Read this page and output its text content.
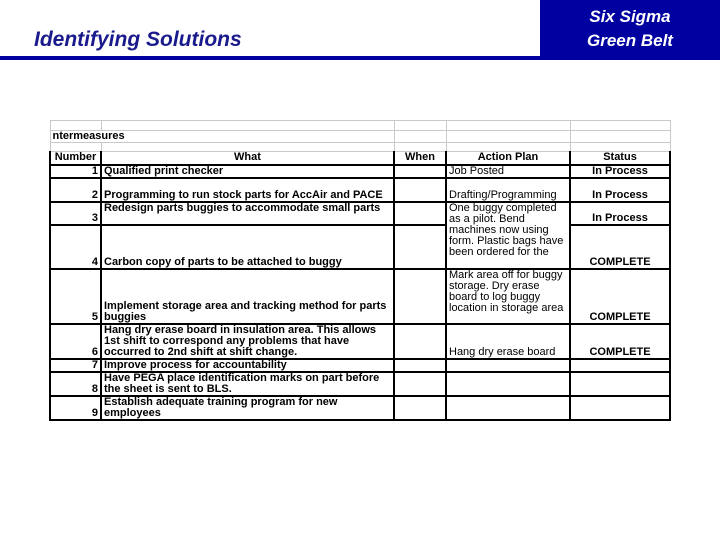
Identifying Solutions
Six Sigma
Green Belt

ntermeasures				

Number	What	When	Action Plan	Status
1	Qualified print checker		Job Posted	In Process
2	Programming to run stock parts for AccAir and PACE		Drafting/Programming	In Process
3	Redesign parts buggies to accommodate small parts		One buggy completed as a pilot. Bend machines now using form. Plastic bags have been ordered for the	In Process
4	Carbon copy of parts to be attached to buggy			COMPLETE
5	Implement storage area and tracking method for parts buggies		Mark area off for buggy storage. Dry erase board to log buggy location in storage area	COMPLETE
6	Hang dry erase board in insulation area. This allows 1st shift to correspond any problems that have occurred to 2nd shift at shift change.		Hang dry erase board	COMPLETE
7	Improve process for accountability			
8	Have PEGA place identification marks on part before the sheet is sent to BLS.			
9	Establish adequate training program for new employees			
